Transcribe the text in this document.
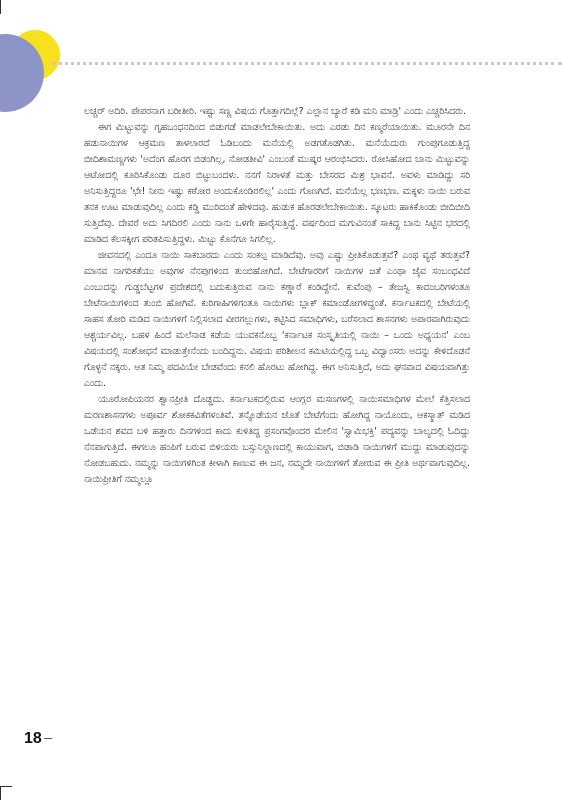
ಲಚ್ಚರ್ ಅದಿರಿ. ಪೇಪರನಾಗ ಬರೀತೀರಿ. ಇಷ್ಟು ಸಣ್ಣ ವಿಷಯ ಗೊತ್ತಾಗದಿಲ್ಲೆ? ಎಲ್ಲಾನ ಬ್ಯಾರೆ ಕಡಿ ಮನಿ ಮಾಡ್ರಿ' ಎಂದು ಎಚ್ಚರಿಸಿದರು.

ಈಗ ಮಿಟ್ಟುವನ್ನು ಗೃಹಬಂಧನದಿಂದ ಬಿಡುಗಡೆ ಮಾಡಲೇಬೇಕಾಯಿತು. ಅದು ಎರಡು ದಿನ ಕಣ್ಮರೆಯಾಯಿತು. ಮೂರನೇ ದಿನ ಹಡುನಾಯಿಗಳ ಆಕ್ರಮಣ ತಾಳಲಾರದೆ ಓಡಿಬಂದು ಮನೆಯಲ್ಲಿ ಅಡಗತೊಡಗಿತು. ಮನೆಯೆದುರು ಗುಂಪುಗೂಡುತ್ತಿದ್ದ ಬೀದಿಶಾಮಣ್ಣಗಳು 'ಅದೆಂಗ ಹೊರಗ ಬಿಡಂಗಿಲ್ಲ, ನೋಡತೀವಿ' ಎಂಬಂತೆ ಮುಷ್ಕರ ಆರಂಭಿಸಿದರು. ರೋಸಿಹೋದ ಬಾನು ಮಿಟ್ಟುವನ್ನು ಆಟೋದಲ್ಲಿ ಕೂರಿಸಿಕೊಂಡು ದೂರ ಬಿಟ್ಟುಬಂದಳು. ನನಗೆ ನಿರಾಳತೆ ಮತ್ತು ಬೇಸರದ ಮಿಶ್ರ ಭಾವನೆ. ಅವಳು ಮಾಡಿದ್ದು ಸರಿ ಅನಿಸುತ್ತಿದ್ದರೂ 'ಛೇ! ನೀನು ಇಷ್ಟು ಕಠೋರ ಅಂದುಕೊಂಡಿರಲಿಲ್ಲ' ಎಂದು ಗೊಣಗಿದೆ. ಮನೆಯೆಲ್ಲ ಭಣಭಣ. ಮಕ್ಕಳು ನಾಯಿ ಬರುವ ತನಕ ಊಟ ಮಾಡುವುದಿಲ್ಲ ಎಂದು ಕಡ್ಡಿ ಮುರಿದಂತೆ ಹೇಳಿದವು. ಹುಡುಕ ಹೊರಡಲೇಬೇಕಾಯಿತು. ಸ್ಕೂಟರು ಹಾಕಿಕೊಂಡು ಬೀದಿಬೀದಿ ಸುತ್ತಿದೆವು. ದೇವರೆ ಅದು ಸಿಗದಿರಲಿ ಎಂದು ನಾನು ಒಳಗೇ ಹಾರೈಸುತ್ತಿದ್ದೆ. ವರ್ಷದಿಂದ ಮಗುವಿನಂತೆ ಸಾಕಿದ್ದ ಬಾನು ಸಿಟ್ಟಿನ ಭರದಲ್ಲಿ ಮಾಡಿದ ಕೆಲಸಕ್ಕೀಗ ಪರಿತಪಿಸುತ್ತಿದ್ದಳು. ಮಿಟ್ಟು ಕೊನೆಗೂ ಸಿಗಲಿಲ್ಲ.

ಜೀವನದಲ್ಲಿ ಎಂದೂ ನಾಯಿ ಸಾಕಬಾರದು ಎಂದು ಸಂಕಲ್ಪ ಮಾಡಿದೆವು. ಅವು ಎಷ್ಟು ಪ್ರೀತಿಕೊಡುತ್ತವೆ? ಎಂಥ ವ್ಯಥೆ ತರುತ್ತವೆ? ಮಾನವ ನಾಗರಿಕತೆಯು ಅವುಗಳ ನೆನಪುಗಳಿಂದ ತುಂಬಿಹೋಗಿದೆ. ಬೇಟೆಗಾರರಿಗೆ ನಾಯಿಗಳ ಜತೆ ಎಂಥಾ ಜೈವ ಸಂಬಂಧವಿದೆ ಎಂಬುದನ್ನು ಗುಡ್ಡಬೆಟ್ಟಗಳ ಪ್ರದೇಶದಲ್ಲಿ ಬದುಕುತ್ತಿರುವ ನಾನು ಕಣ್ಣಾರೆ ಕಂಡಿದ್ದೇನೆ. ಕುವೆಂಪು – ತೇಜಸ್ವಿ ಕಾದಂಬರಿಗಳಂತೂ ಬೇಟೆನಾಯಿಗಳಿಂದ ತುಂಬಿ ಹೋಗಿವೆ. ಕುರಿಗಾಹಿಗಳಿಗಂತೂ ನಾಯಿಗಳು ಬ್ಲಾಕ್ ಕಮಾಂಡೋಗಳಿದ್ದಂತೆ. ಕರ್ನಾಟಕದಲ್ಲಿ ಬೇಟೆಯಲ್ಲಿ ಸಾಹಸ ತೋರಿ ಮಡಿದ ನಾಯಿಗಳಿಗೆ ನಿಲ್ಲಿಸಲಾದ ವೀರಗಲ್ಲುಗಳು, ಕಟ್ಟಿಸಿದ ಸಮಾಧಿಗಳು, ಬರೆಸಲಾದ ಶಾಸನಗಳು ಅಪಾರವಾಗಿರುವುದು ಆಶ್ಚರ್ಯವಿಲ್ಲ. ಬಹಳ ಹಿಂದೆ ಮಲೆನಾಡ ಕಡೆಯ ಯುವಕನೊಬ್ಬ 'ಕರ್ನಾಟಕ ಸಂಸ್ಕೃತಿಯಲ್ಲಿ ನಾಯಿ – ಒಂದು ಅಧ್ಯಯನ' ಎಂಬ ವಿಷಯದಲ್ಲಿ ಸಂಶೋಧನೆ ಮಾಡುತ್ತೇನೆಂದು ಬಂದಿದ್ದನು. ವಿಷಯ ಪರಿಶೀಲನ ಕಮಿಟಿಯಲ್ಲಿದ್ದ ಒಬ್ಬ ವಿದ್ವಾಂಸರು ಅದನ್ನು ಕೇಳಿದೊಡನೆ ಗೊಳ್ಳನೆ ನಕ್ಕರು. ಆತ ನಿಮ್ಮ ಪದವಿಯೇ ಬೇಡವೆಂದು ಕನಲಿ ಹೊರಟು ಹೋಗಿದ್ದ. ಈಗ ಅನಿಸುತ್ತಿದೆ, ಅದು ಘನವಾದ ವಿಷಯವಾಗಿತ್ತು ಎಂದು.

ಯೂರೋಪಿಯನರ ಶ್ವಾನಪ್ರೀತಿ ದೊಡ್ಡದು. ಕರ್ನಾಟಕದಲ್ಲಿರುವ ಆಂಗ್ಲರ ಮಸಣಗಳಲ್ಲಿ ನಾಯಿಸಮಾಧಿಗಳ ಮೇಲೆ ಕೆತ್ತಿಸಲಾದ ಮರಣಶಾಸನಗಳು ಅಪೂರ್ವ ಶೋಕಕವಿತೆಗಳಂತಿವೆ. ತನ್ನೊಡೆಯನ ಜೊತೆ ಬೇಟೆಗೆಂದು ಹೋಗಿದ್ದ ನಾಯೊಂದು, ಆಕಸ್ಮಾತ್ ಮಡಿದ ಒಡೆಯನ ಶವದ ಬಳಿ ಹತ್ತಾರು ದಿನಗಳಿಂದ ಕಾದು ಕುಳಿತಿದ್ದ ಪ್ರಸಂಗವೊಂದರ ಮೇಲಿನ 'ಸ್ವಾಮಿಭಕ್ತಿ' ಪದ್ಯವನ್ನು ಬಾಲ್ಯದಲ್ಲಿ ಓದಿದ್ದು ನೆನಪಾಗುತ್ತಿದೆ. ಈಗಲೂ ಹಂಪಿಗೆ ಬರುವ ಬಿಳಿಯರು ಬಸ್ಸುನಿಲ್ದಾಣದಲ್ಲಿ ಕಾಯುವಾಗ, ಬಿಡಾಡಿ ನಾಯಿಗಳಿಗೆ ಮುದ್ದು ಮಾಡುವುದನ್ನು ನೋಡಬಹುದು. ನಮ್ಮನ್ನು ನಾಯಿಗಳಿಗಿಂತ ಕೀಳಾಗಿ ಕಾಣುವ ಈ ಜನ, ನಮ್ಮದೇ ನಾಯಿಗಳಿಗೆ ತೋರುವ ಈ ಪ್ರೀತಿ ಅರ್ಥವಾಗುವುದಿಲ್ಲ. ನಾಯಿಪ್ರೀತಿಗೆ ನಮ್ಮಲ್ಲೂ

18
